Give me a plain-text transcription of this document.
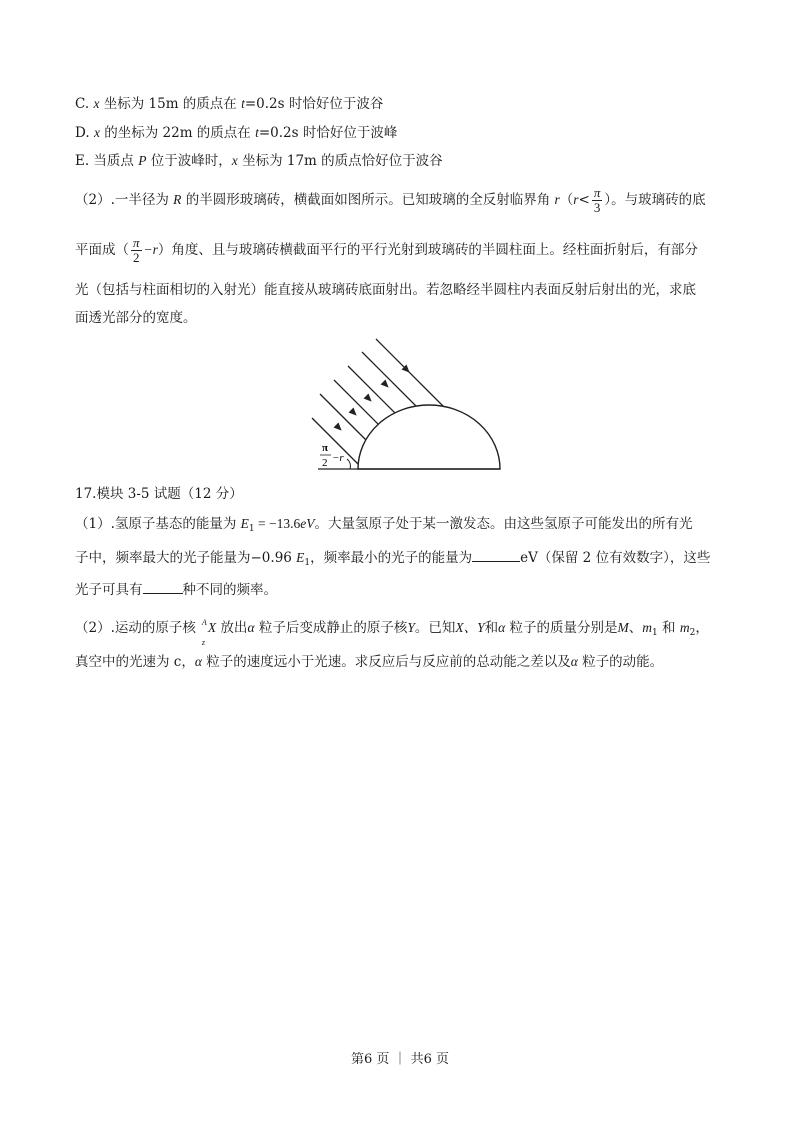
C. x 坐标为 15m 的质点在 t=0.2s 时恰好位于波谷
D. x 的坐标为 22m 的质点在 t=0.2s 时恰好位于波峰
E. 当质点 P 位于波峰时，x 坐标为 17m 的质点恰好位于波谷
（2）.一半径为 R 的半圆形玻璃砖，横截面如图所示。已知玻璃的全反射临界角 $r(r< \frac{\pi}{3}$ ）。与玻璃砖的底
平面成（ $\frac{\pi}{2} -r$）角度、且与玻璃砖横截面平行的平行光射到玻璃砖的半圆柱面上。经柱面折射后，有部分
光（包括与柱面相切的入射光）能直接从玻璃砖底面射出。若忽略经半圆柱内表面反射后射出的光，求底
面透光部分的宽度。
π
2 −r
17.模块 3-5 试题（12 分）
（1）.氢原子基态的能量为 $E_1 = -13.6eV$。大量氢原子处于某一激发态。由这些氢原子可能发出的所有光
子中，频率最大的光子能量为−0.96 $E_1$，频率最小的光子的能量为	eV（保留 2 位有效数字），这些
光子可具有	种不同的频率。
（2）.运动的原子核 A
z
X 放出α 粒子后变成静止的原子核Y。已知X、Y和α 粒子的质量分别是M、$m_1$ 和 $m_2$，
真空中的光速为 c，α 粒子的速度远小于光速。求反应后与反应前的总动能之差以及α 粒子的动能。
第6 页 ｜ 共6 页
